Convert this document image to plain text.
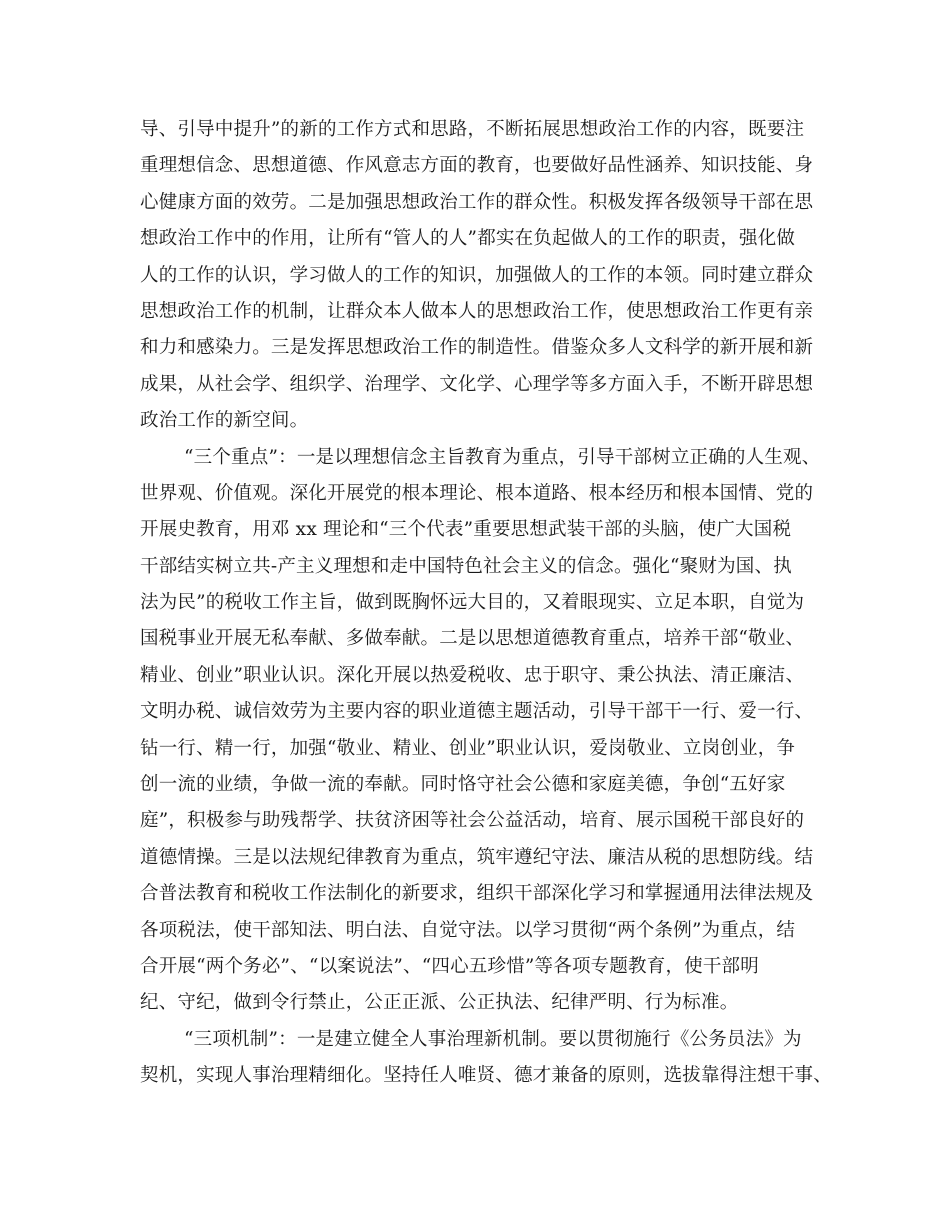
导、引导中提升”的新的工作方式和思路，不断拓展思想政治工作的内容，既要注
重理想信念、思想道德、作风意志方面的教育，也要做好品性涵养、知识技能、身
心健康方面的效劳。二是加强思想政治工作的群众性。积极发挥各级领导干部在思
想政治工作中的作用，让所有“管人的人”都实在负起做人的工作的职责，强化做
人的工作的认识，学习做人的工作的知识，加强做人的工作的本领。同时建立群众
思想政治工作的机制，让群众本人做本人的思想政治工作，使思想政治工作更有亲
和力和感染力。三是发挥思想政治工作的制造性。借鉴众多人文科学的新开展和新
成果，从社会学、组织学、治理学、文化学、心理学等多方面入手，不断开辟思想
政治工作的新空间。
“三个重点”：一是以理想信念主旨教育为重点，引导干部树立正确的人生观、
世界观、价值观。深化开展党的根本理论、根本道路、根本经历和根本国情、党的
开展史教育，用邓 xx 理论和“三个代表”重要思想武装干部的头脑，使广大国税
干部结实树立共-产主义理想和走中国特色社会主义的信念。强化“聚财为国、执
法为民”的税收工作主旨，做到既胸怀远大目的，又着眼现实、立足本职，自觉为
国税事业开展无私奉献、多做奉献。二是以思想道德教育重点，培养干部“敬业、
精业、创业”职业认识。深化开展以热爱税收、忠于职守、秉公执法、清正廉洁、
文明办税、诚信效劳为主要内容的职业道德主题活动，引导干部干一行、爱一行、
钻一行、精一行，加强“敬业、精业、创业”职业认识，爱岗敬业、立岗创业，争
创一流的业绩，争做一流的奉献。同时恪守社会公德和家庭美德，争创“五好家
庭”，积极参与助残帮学、扶贫济困等社会公益活动，培育、展示国税干部良好的
道德情操。三是以法规纪律教育为重点，筑牢遵纪守法、廉洁从税的思想防线。结
合普法教育和税收工作法制化的新要求，组织干部深化学习和掌握通用法律法规及
各项税法，使干部知法、明白法、自觉守法。以学习贯彻“两个条例”为重点，结
合开展“两个务必”、“以案说法”、“四心五珍惜”等各项专题教育，使干部明
纪、守纪，做到令行禁止，公正正派、公正执法、纪律严明、行为标准。
“三项机制”：一是建立健全人事治理新机制。要以贯彻施行《公务员法》为
契机，实现人事治理精细化。坚持任人唯贤、德才兼备的原则，选拔靠得注想干事、
